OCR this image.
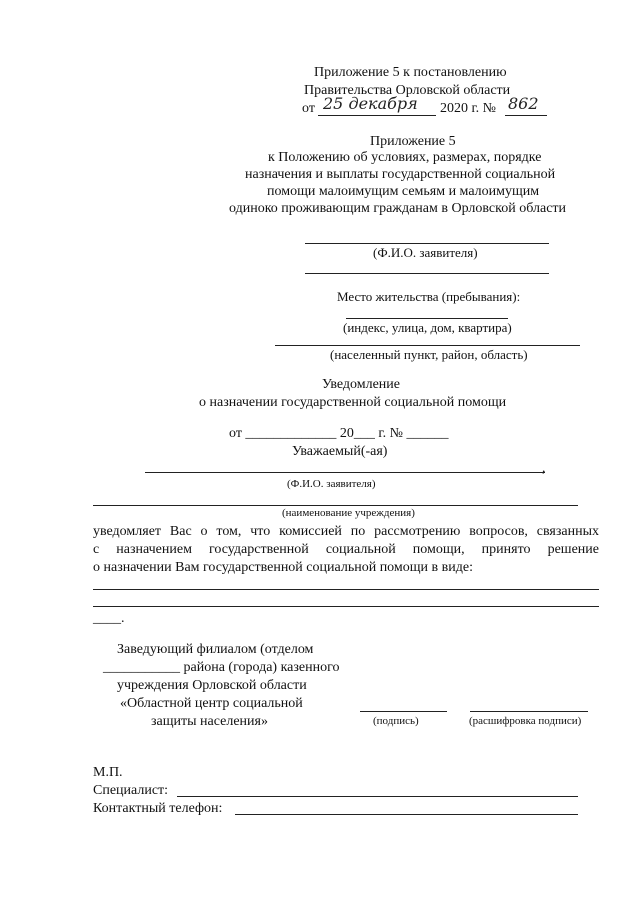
Приложение 5 к постановлению
Правительства Орловской области
от 25 декабря 2020 г. № 862
Приложение 5
к Положению об условиях, размерах, порядке
назначения и выплаты государственной социальной
помощи малоимущим семьям и малоимущим
одиноко проживающим гражданам в Орловской области
(Ф.И.О. заявителя)
Место жительства (пребывания):
(индекс, улица, дом, квартира)
(населенный пункт, район, область)
Уведомление
о назначении государственной социальной помощи
от _____________ 20___ г. № ______
Уважаемый(-ая)
,
(Ф.И.О. заявителя)
(наименование учреждения)
уведомляет Вас о том, что комиссией по рассмотрению вопросов, связанных
с назначением государственной социальной помощи, принято решение
о назначении Вам государственной социальной помощи в виде:
____.
Заведующий филиалом (отделом
___________ района (города) казенного
учреждения Орловской области
«Областной центр социальной
защиты населения»	(подпись)	(расшифровка подписи)
М.П.
Специалист:
Контактный телефон:
